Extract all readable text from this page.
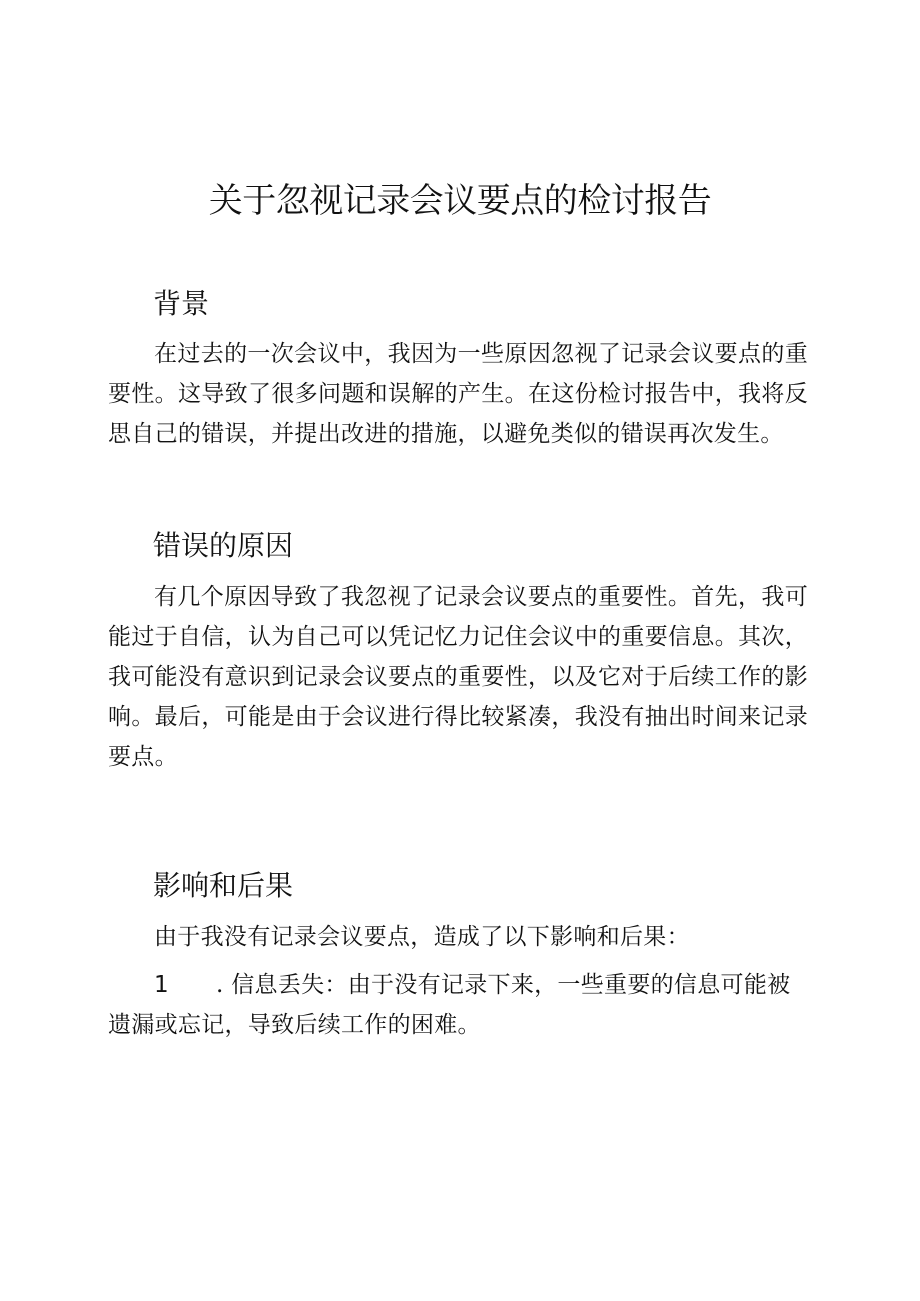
关于忽视记录会议要点的检讨报告
背景

在过去的一次会议中，我因为一些原因忽视了记录会议要点的重要性。这导致了很多问题和误解的产生。在这份检讨报告中，我将反思自己的错误，并提出改进的措施，以避免类似的错误再次发生。

错误的原因

有几个原因导致了我忽视了记录会议要点的重要性。首先，我可能过于自信，认为自己可以凭记忆力记住会议中的重要信息。其次，我可能没有意识到记录会议要点的重要性，以及它对于后续工作的影响。最后，可能是由于会议进行得比较紧凑，我没有抽出时间来记录要点。

影响和后果

由于我没有记录会议要点，造成了以下影响和后果：

1 . 信息丢失：由于没有记录下来，一些重要的信息可能被遗漏或忘记，导致后续工作的困难。
